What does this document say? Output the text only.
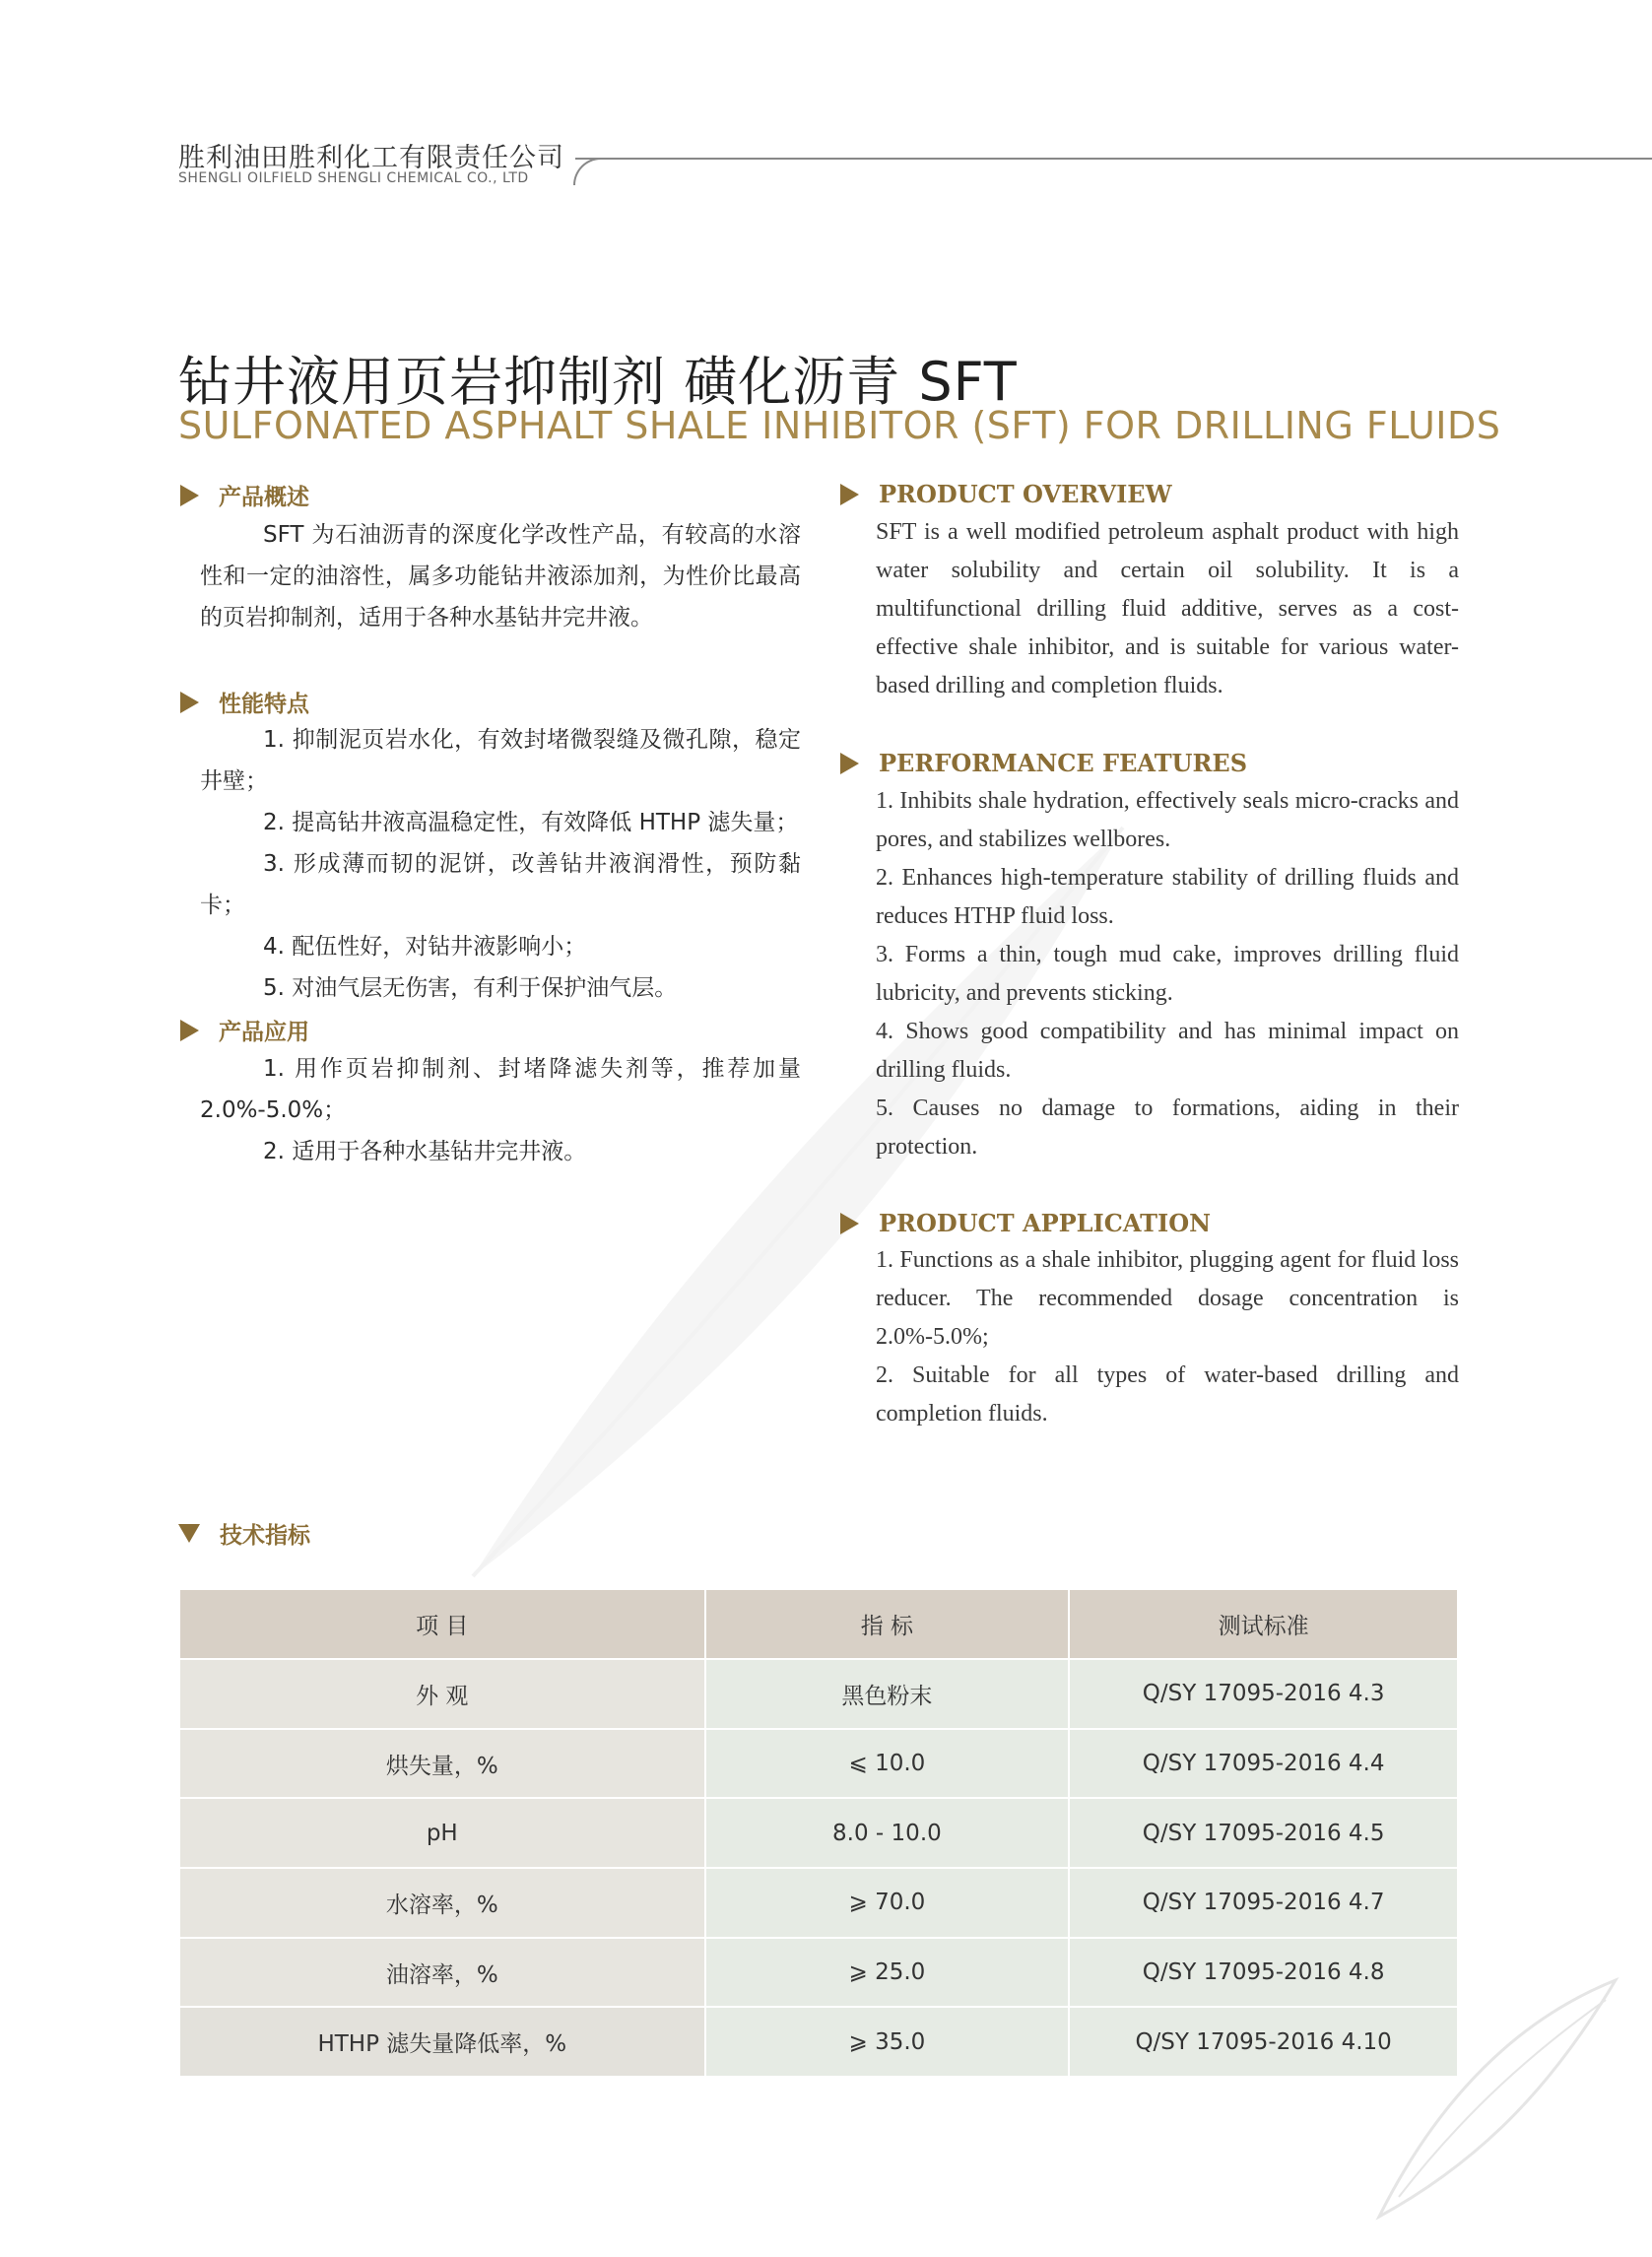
胜利油田胜利化工有限责任公司
SHENGLI OILFIELD SHENGLI CHEMICAL CO., LTD
钻井液用页岩抑制剂 磺化沥青 SFT
SULFONATED ASPHALT SHALE INHIBITOR (SFT) FOR DRILLING FLUIDS
产品概述

SFT 为石油沥青的深度化学改性产品，有较高的水溶性和一定的油溶性，属多功能钻井液添加剂，为性价比最高的页岩抑制剂，适用于各种水基钻井完井液。

性能特点

1. 抑制泥页岩水化，有效封堵微裂缝及微孔隙，稳定井壁；

2. 提高钻井液高温稳定性，有效降低 HTHP 滤失量；

3. 形成薄而韧的泥饼，改善钻井液润滑性，预防黏卡；

4. 配伍性好，对钻井液影响小；

5. 对油气层无伤害，有利于保护油气层。

产品应用

1. 用作页岩抑制剂、封堵降滤失剂等，推荐加量 2.0%-5.0%；

2. 适用于各种水基钻井完井液。

PRODUCT OVERVIEW

SFT is a well modified petroleum asphalt product with high water solubility and certain oil solubility. It is a multifunctional drilling fluid additive, serves as a cost-effective shale inhibitor, and is suitable for various water-based drilling and completion fluids.

PERFORMANCE FEATURES

1. Inhibits shale hydration, effectively seals micro-cracks and pores, and stabilizes wellbores.

2. Enhances high-temperature stability of drilling fluids and reduces HTHP fluid loss.

3. Forms a thin, tough mud cake, improves drilling fluid lubricity, and prevents sticking.

4. Shows good compatibility and has minimal impact on drilling fluids.

5. Causes no damage to formations, aiding in their protection.

PRODUCT APPLICATION

1. Functions as a shale inhibitor, plugging agent for fluid loss reducer. The recommended dosage concentration is 2.0%-5.0%;

2. Suitable for all types of water-based drilling and completion fluids.

技术指标
项 目	指 标	测试标准
外 观	黑色粉末	Q/SY 17095-2016 4.3
烘失量，%	⩽ 10.0	Q/SY 17095-2016 4.4
pH	8.0 - 10.0	Q/SY 17095-2016 4.5
水溶率，%	⩾ 70.0	Q/SY 17095-2016 4.7
油溶率，%	⩾ 25.0	Q/SY 17095-2016 4.8
HTHP 滤失量降低率，%	⩾ 35.0	Q/SY 17095-2016 4.10
